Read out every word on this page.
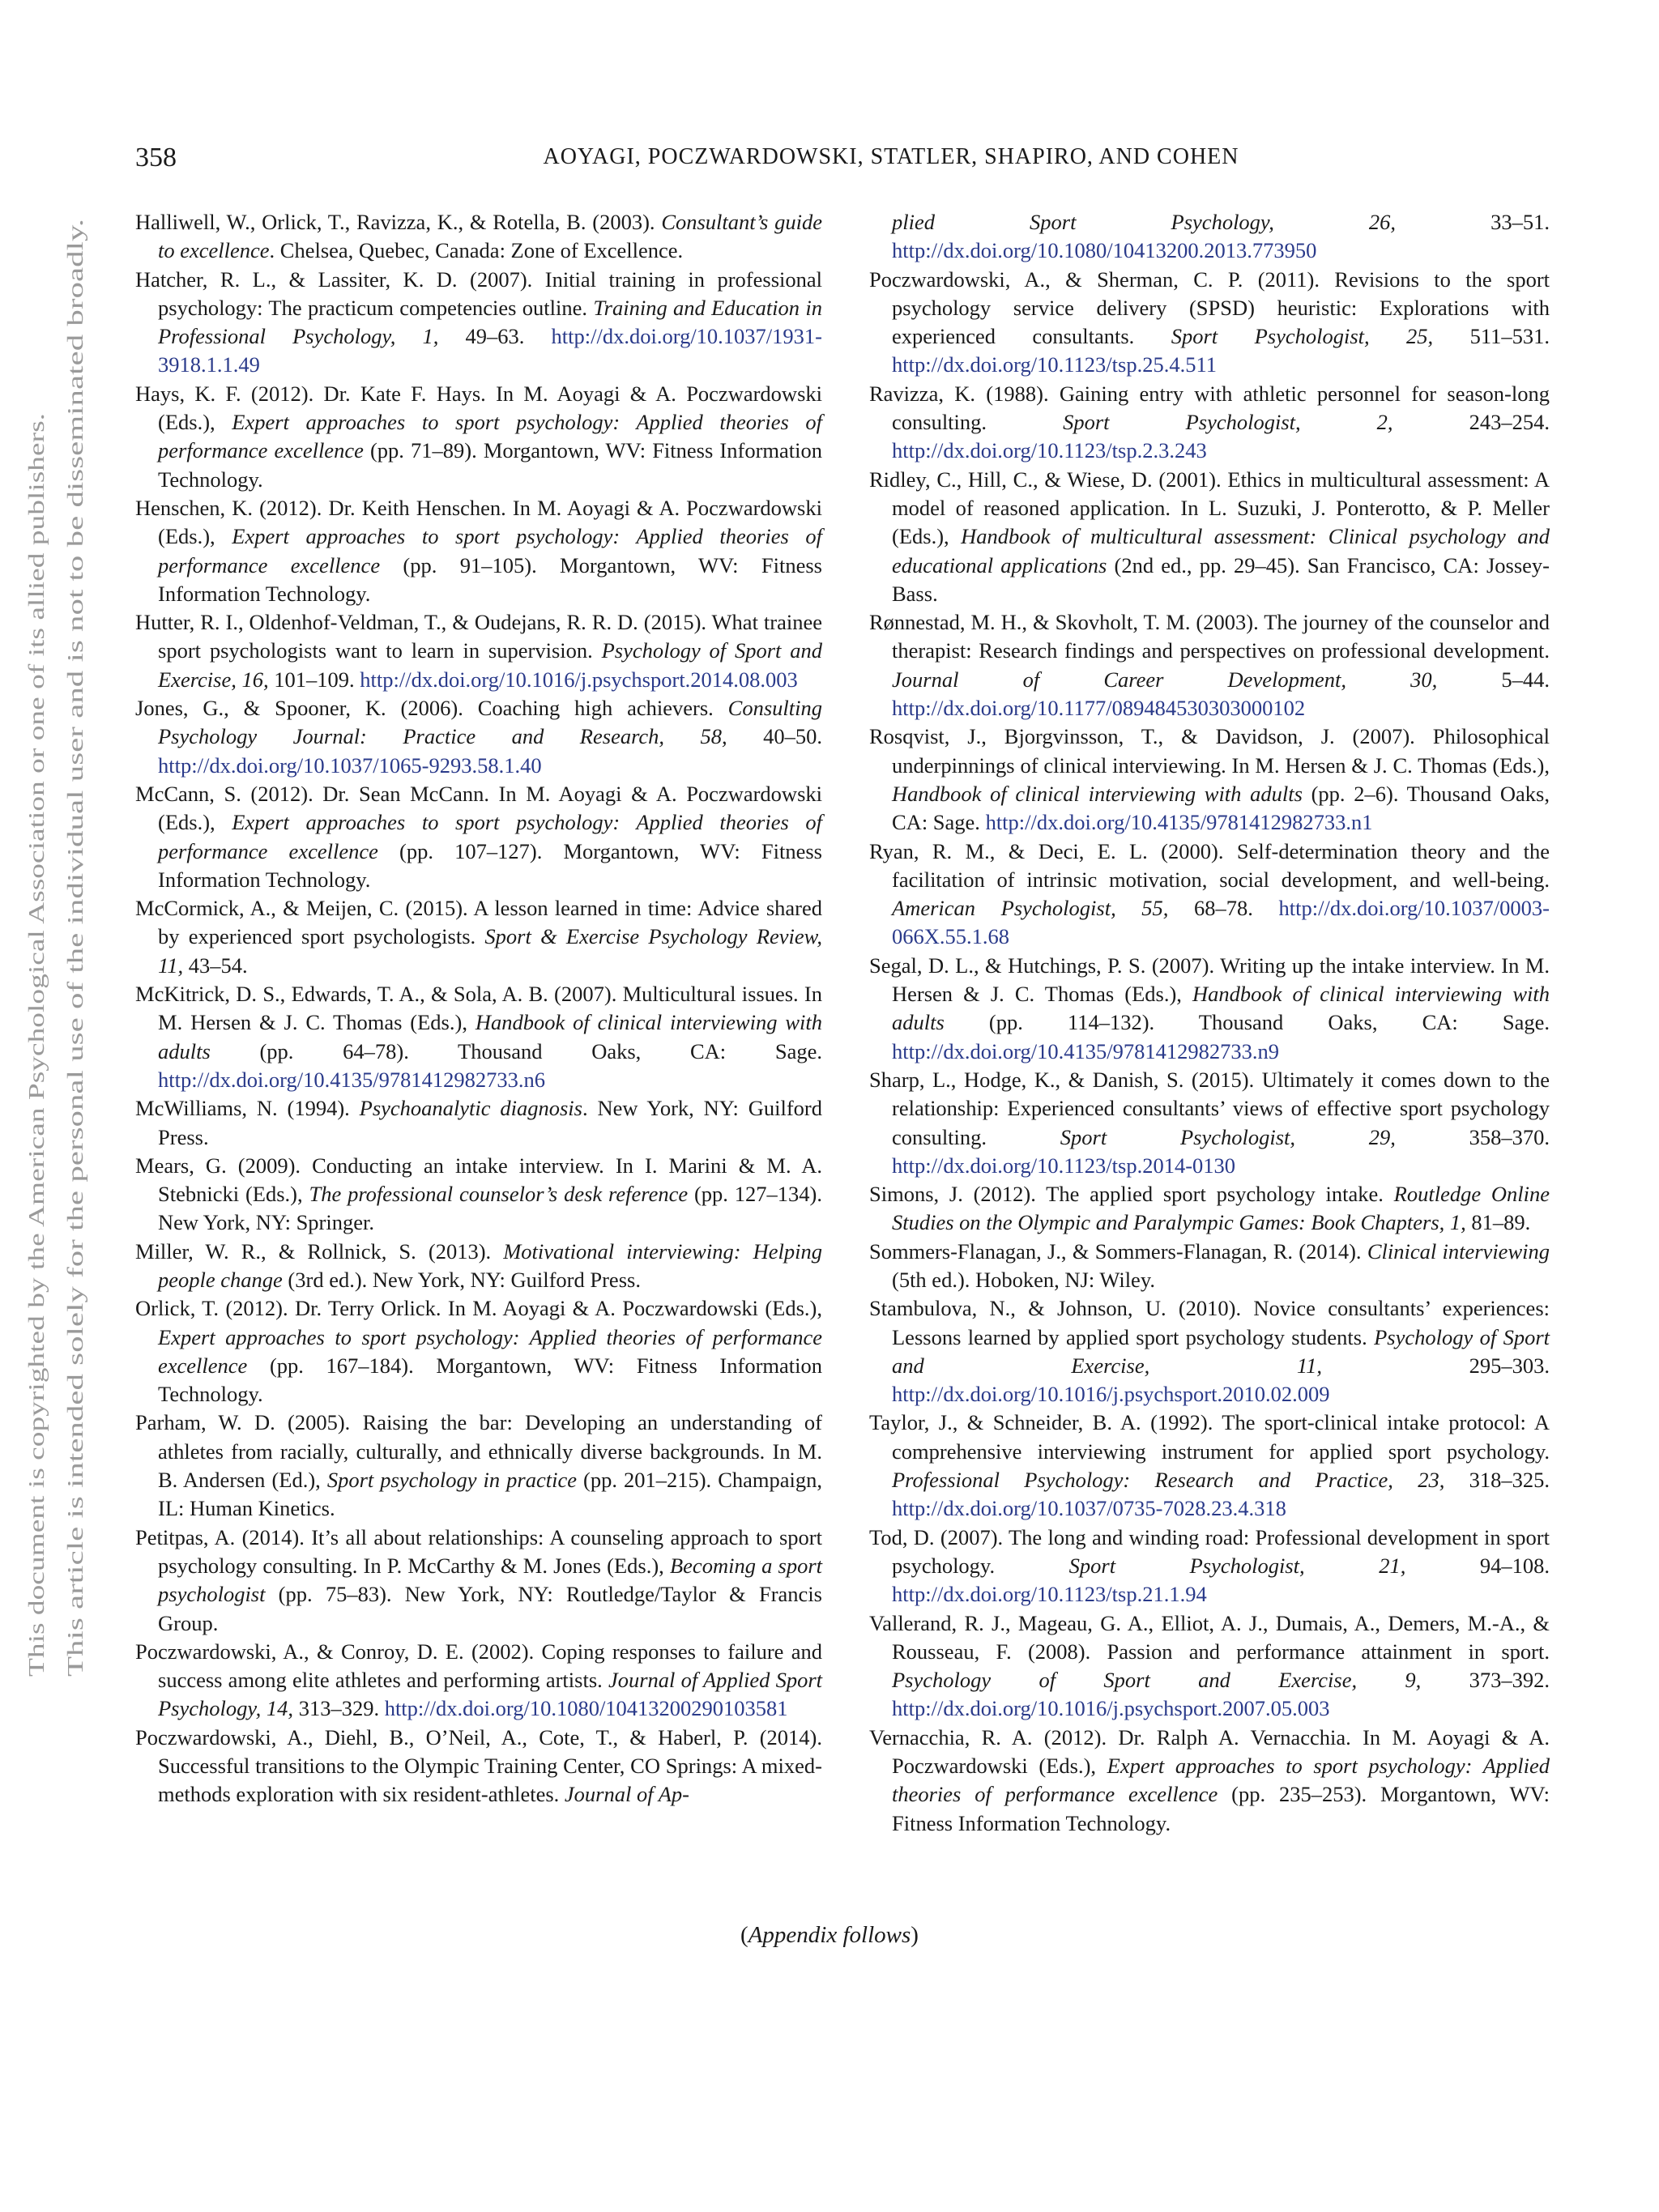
This document is copyrighted by the American Psychological Association or one of its allied publishers. This article is intended solely for the personal use of the individual user and is not to be disseminated broadly.
358	AOYAGI, POCZWARDOWSKI, STATLER, SHAPIRO, AND COHEN
Halliwell, W., Orlick, T., Ravizza, K., & Rotella, B. (2003). Consultant’s guide to excellence. Chelsea, Quebec, Canada: Zone of Excellence.
Hatcher, R. L., & Lassiter, K. D. (2007). Initial training in professional psychology: The practicum competencies outline. Training and Education in Professional Psychology, 1, 49–63. http://dx.doi.org/10.1037/1931-3918.1.1.49
Hays, K. F. (2012). Dr. Kate F. Hays. In M. Aoyagi & A. Poczwardowski (Eds.), Expert approaches to sport psychology: Applied theories of performance excellence (pp. 71–89). Morgantown, WV: Fitness Information Technology.
Henschen, K. (2012). Dr. Keith Henschen. In M. Aoyagi & A. Poczwardowski (Eds.), Expert approaches to sport psychology: Applied theories of performance excellence (pp. 91–105). Morgantown, WV: Fitness Information Technology.
Hutter, R. I., Oldenhof-Veldman, T., & Oudejans, R. R. D. (2015). What trainee sport psychologists want to learn in supervision. Psychology of Sport and Exercise, 16, 101–109. http://dx.doi.org/10.1016/j.psychsport.2014.08.003
Jones, G., & Spooner, K. (2006). Coaching high achievers. Consulting Psychology Journal: Practice and Research, 58, 40–50. http://dx.doi.org/10.1037/1065-9293.58.1.40
McCann, S. (2012). Dr. Sean McCann. In M. Aoyagi & A. Poczwardowski (Eds.), Expert approaches to sport psychology: Applied theories of performance excellence (pp. 107–127). Morgantown, WV: Fitness Information Technology.
McCormick, A., & Meijen, C. (2015). A lesson learned in time: Advice shared by experienced sport psychologists. Sport & Exercise Psychology Review, 11, 43–54.
McKitrick, D. S., Edwards, T. A., & Sola, A. B. (2007). Multicultural issues. In M. Hersen & J. C. Thomas (Eds.), Handbook of clinical interviewing with adults (pp. 64–78). Thousand Oaks, CA: Sage. http://dx.doi.org/10.4135/9781412982733.n6
McWilliams, N. (1994). Psychoanalytic diagnosis. New York, NY: Guilford Press.
Mears, G. (2009). Conducting an intake interview. In I. Marini & M. A. Stebnicki (Eds.), The professional counselor’s desk reference (pp. 127–134). New York, NY: Springer.
Miller, W. R., & Rollnick, S. (2013). Motivational interviewing: Helping people change (3rd ed.). New York, NY: Guilford Press.
Orlick, T. (2012). Dr. Terry Orlick. In M. Aoyagi & A. Poczwardowski (Eds.), Expert approaches to sport psychology: Applied theories of performance excellence (pp. 167–184). Morgantown, WV: Fitness Information Technology.
Parham, W. D. (2005). Raising the bar: Developing an understanding of athletes from racially, culturally, and ethnically diverse backgrounds. In M. B. Andersen (Ed.), Sport psychology in practice (pp. 201–215). Champaign, IL: Human Kinetics.
Petitpas, A. (2014). It’s all about relationships: A counseling approach to sport psychology consulting. In P. McCarthy & M. Jones (Eds.), Becoming a sport psychologist (pp. 75–83). New York, NY: Routledge/Taylor & Francis Group.
Poczwardowski, A., & Conroy, D. E. (2002). Coping responses to failure and success among elite athletes and performing artists. Journal of Applied Sport Psychology, 14, 313–329. http://dx.doi.org/10.1080/10413200290103581
Poczwardowski, A., Diehl, B., O’Neil, A., Cote, T., & Haberl, P. (2014). Successful transitions to the Olympic Training Center, CO Springs: A mixed-methods exploration with six resident-athletes. Journal of Ap-
plied Sport Psychology, 26, 33–51. http://dx.doi.org/10.1080/10413200.2013.773950
Poczwardowski, A., & Sherman, C. P. (2011). Revisions to the sport psychology service delivery (SPSD) heuristic: Explorations with experienced consultants. Sport Psychologist, 25, 511–531. http://dx.doi.org/10.1123/tsp.25.4.511
Ravizza, K. (1988). Gaining entry with athletic personnel for season-long consulting. Sport Psychologist, 2, 243–254. http://dx.doi.org/10.1123/tsp.2.3.243
Ridley, C., Hill, C., & Wiese, D. (2001). Ethics in multicultural assessment: A model of reasoned application. In L. Suzuki, J. Ponterotto, & P. Meller (Eds.), Handbook of multicultural assessment: Clinical psychology and educational applications (2nd ed., pp. 29–45). San Francisco, CA: Jossey-Bass.
Rønnestad, M. H., & Skovholt, T. M. (2003). The journey of the counselor and therapist: Research findings and perspectives on professional development. Journal of Career Development, 30, 5–44. http://dx.doi.org/10.1177/089484530303000102
Rosqvist, J., Bjorgvinsson, T., & Davidson, J. (2007). Philosophical underpinnings of clinical interviewing. In M. Hersen & J. C. Thomas (Eds.), Handbook of clinical interviewing with adults (pp. 2–6). Thousand Oaks, CA: Sage. http://dx.doi.org/10.4135/9781412982733.n1
Ryan, R. M., & Deci, E. L. (2000). Self-determination theory and the facilitation of intrinsic motivation, social development, and well-being. American Psychologist, 55, 68–78. http://dx.doi.org/10.1037/0003-066X.55.1.68
Segal, D. L., & Hutchings, P. S. (2007). Writing up the intake interview. In M. Hersen & J. C. Thomas (Eds.), Handbook of clinical interviewing with adults (pp. 114–132). Thousand Oaks, CA: Sage. http://dx.doi.org/10.4135/9781412982733.n9
Sharp, L., Hodge, K., & Danish, S. (2015). Ultimately it comes down to the relationship: Experienced consultants’ views of effective sport psychology consulting. Sport Psychologist, 29, 358–370. http://dx.doi.org/10.1123/tsp.2014-0130
Simons, J. (2012). The applied sport psychology intake. Routledge Online Studies on the Olympic and Paralympic Games: Book Chapters, 1, 81–89.
Sommers-Flanagan, J., & Sommers-Flanagan, R. (2014). Clinical interviewing (5th ed.). Hoboken, NJ: Wiley.
Stambulova, N., & Johnson, U. (2010). Novice consultants’ experiences: Lessons learned by applied sport psychology students. Psychology of Sport and Exercise, 11, 295–303. http://dx.doi.org/10.1016/j.psychsport.2010.02.009
Taylor, J., & Schneider, B. A. (1992). The sport-clinical intake protocol: A comprehensive interviewing instrument for applied sport psychology. Professional Psychology: Research and Practice, 23, 318–325. http://dx.doi.org/10.1037/0735-7028.23.4.318
Tod, D. (2007). The long and winding road: Professional development in sport psychology. Sport Psychologist, 21, 94–108. http://dx.doi.org/10.1123/tsp.21.1.94
Vallerand, R. J., Mageau, G. A., Elliot, A. J., Dumais, A., Demers, M.-A., & Rousseau, F. (2008). Passion and performance attainment in sport. Psychology of Sport and Exercise, 9, 373–392. http://dx.doi.org/10.1016/j.psychsport.2007.05.003
Vernacchia, R. A. (2012). Dr. Ralph A. Vernacchia. In M. Aoyagi & A. Poczwardowski (Eds.), Expert approaches to sport psychology: Applied theories of performance excellence (pp. 235–253). Morgantown, WV: Fitness Information Technology.
(Appendix follows)
